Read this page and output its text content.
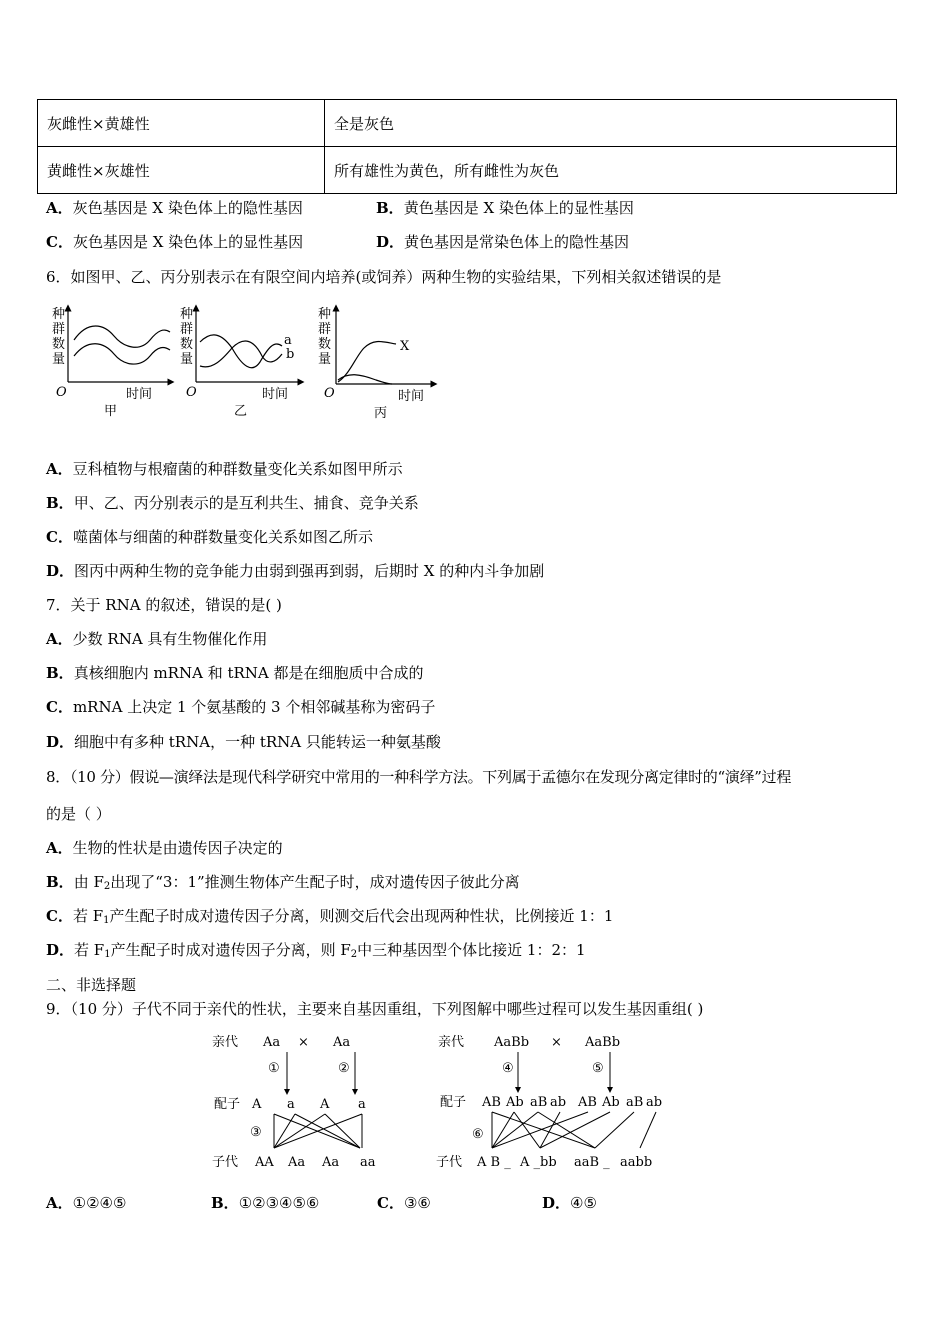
灰雌性×黄雄性	全是灰色
黄雌性×灰雄性	所有雄性为黄色，所有雌性为灰色
A．灰色基因是 X 染色体上的隐性基因	B．黄色基因是 X 染色体上的显性基因
C．灰色基因是 X 染色体上的显性基因	D．黄色基因是常染色体上的隐性基因
6．如图甲、乙、丙分别表示在有限空间内培养(或饲养）两种生物的实验结果，下列相关叙述错误的是
种
群
数
量
O	时间
甲
种
群
数
量
O	时间
乙
a
b
种
群
数
量
O	时间
丙
X
A．豆科植物与根瘤菌的种群数量变化关系如图甲所示
B．甲、乙、丙分别表示的是互利共生、捕食、竞争关系
C．噬菌体与细菌的种群数量变化关系如图乙所示
D．图丙中两种生物的竞争能力由弱到强再到弱，后期时 X 的种内斗争加剧
7．关于 RNA 的叙述，错误的是( )
A．少数 RNA 具有生物催化作用
B．真核细胞内 mRNA 和 tRNA 都是在细胞质中合成的
C．mRNA 上决定 1 个氨基酸的 3 个相邻碱基称为密码子
D．细胞中有多种 tRNA，一种 tRNA 只能转运一种氨基酸
8．（10 分）假说—演绎法是现代科学研究中常用的一种科学方法。下列属于孟德尔在发现分离定律时的“演绎”过程
的是（ ）
A．生物的性状是由遗传因子决定的
B．由 $F_2$出现了“3：1”推测生物体产生配子时，成对遗传因子彼此分离
C．若 $F_1$产生配子时成对遗传因子分离，则测交后代会出现两种性状，比例接近 1：1
D．若 $F_1$产生配子时成对遗传因子分离，则 $F_2$中三种基因型个体比接近 1：2：1
二、非选择题
9．（10 分）子代不同于亲代的性状，主要来自基因重组，下列图解中哪些过程可以发生基因重组( )
亲代 Aa × Aa
①	②
配子 A a A a
③
子代 AA Aa Aa aa
亲代 AaBb × AaBb
④	⑤
配子 AB Ab aB ab AB Ab aB ab
⑥
子代 A B _ A _bb aaB _ aabb
A．①②④⑤	B．①②③④⑤⑥	C．③⑥	D．④⑤
